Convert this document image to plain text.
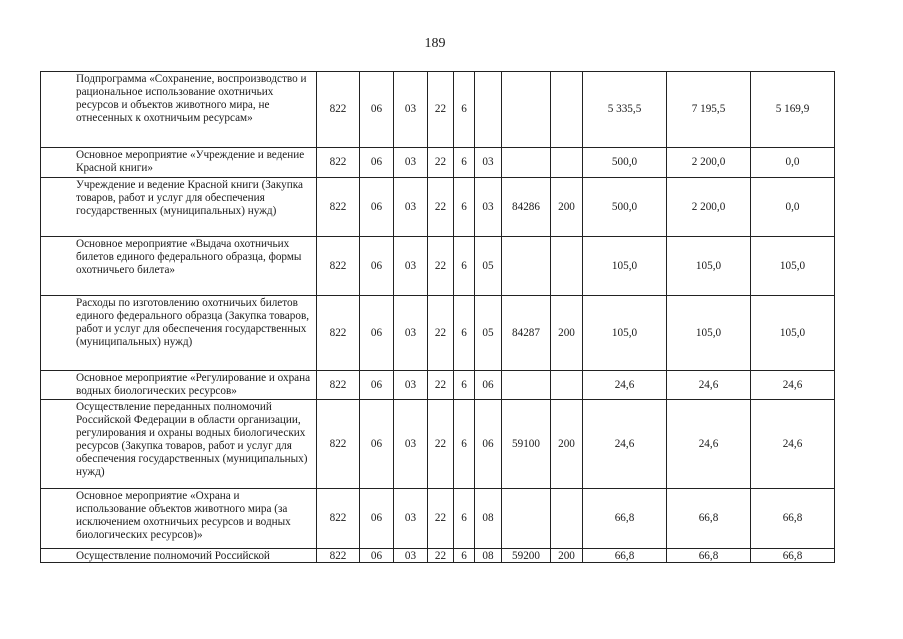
189
Подпрограмма «Сохранение, воспроизводство и рациональное использование охотничьих ресурсов и объектов животного мира, не отнесенных к охотничьим ресурсам»	822	06	03	22	6				5 335,5	7 195,5	5 169,9
Основное мероприятие «Учреждение и ведение Красной книги»	822	06	03	22	6	03			500,0	2 200,0	0,0
Учреждение и ведение Красной книги (Закупка товаров, работ и услуг для обеспечения государственных (муниципальных) нужд)	822	06	03	22	6	03	84286	200	500,0	2 200,0	0,0
Основное мероприятие «Выдача охотничьих билетов единого федерального образца, формы охотничьего билета»	822	06	03	22	6	05			105,0	105,0	105,0
Расходы по изготовлению охотничьих билетов единого федерального образца (Закупка товаров, работ и услуг для обеспечения государственных (муниципальных) нужд)	822	06	03	22	6	05	84287	200	105,0	105,0	105,0
Основное мероприятие «Регулирование и охрана водных биологических ресурсов»	822	06	03	22	6	06			24,6	24,6	24,6
Осуществление переданных полномочий Российской Федерации в области организации, регулирования и охраны водных биологических ресурсов (Закупка товаров, работ и услуг для обеспечения государственных (муниципальных) нужд)	822	06	03	22	6	06	59100	200	24,6	24,6	24,6
Основное мероприятие «Охрана и использование объектов животного мира (за исключением охотничьих ресурсов и водных биологических ресурсов)»	822	06	03	22	6	08			66,8	66,8	66,8
Осуществление полномочий Российской	822	06	03	22	6	08	59200	200	66,8	66,8	66,8
